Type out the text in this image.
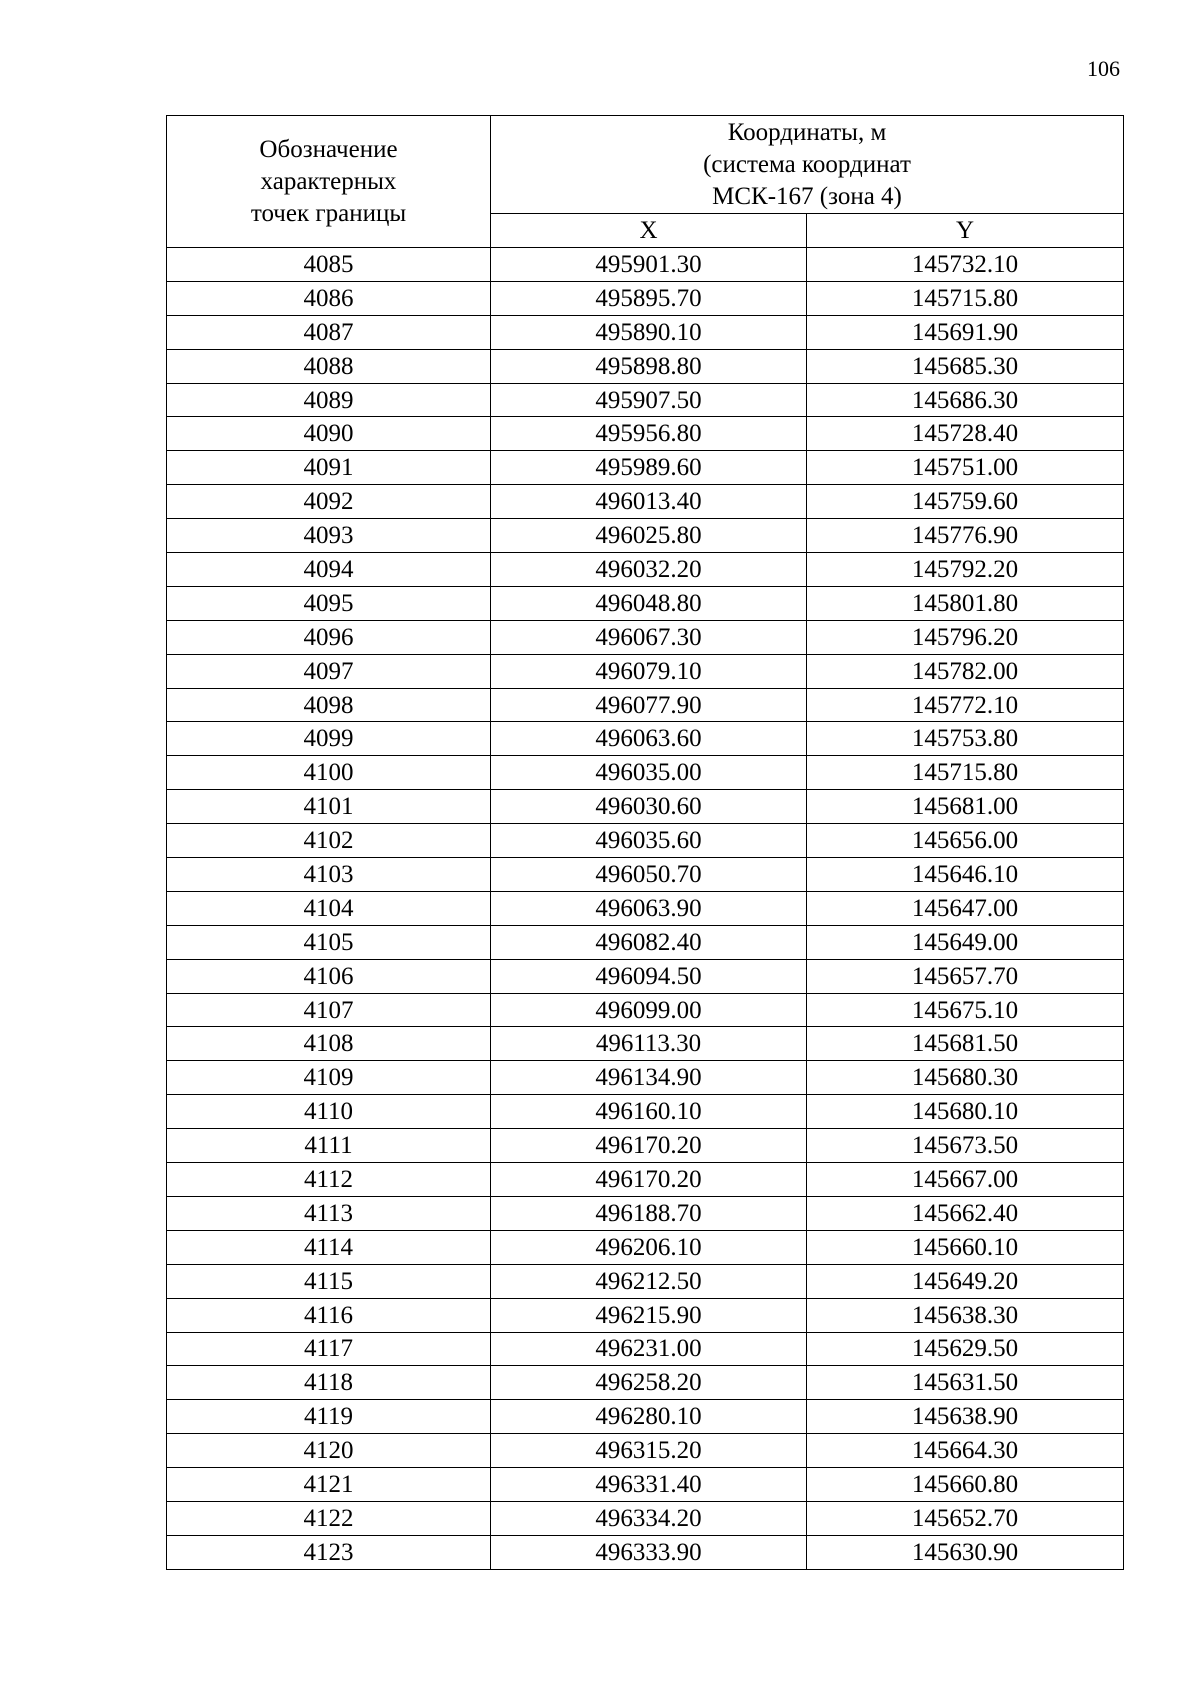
106
Обозначение
характерных
точек границы	Координаты, м
(система координат
МСК-167 (зона 4)	

	X	Y
4085	495901.30	145732.10
4086	495895.70	145715.80
4087	495890.10	145691.90
4088	495898.80	145685.30
4089	495907.50	145686.30
4090	495956.80	145728.40
4091	495989.60	145751.00
4092	496013.40	145759.60
4093	496025.80	145776.90
4094	496032.20	145792.20
4095	496048.80	145801.80
4096	496067.30	145796.20
4097	496079.10	145782.00
4098	496077.90	145772.10
4099	496063.60	145753.80
4100	496035.00	145715.80
4101	496030.60	145681.00
4102	496035.60	145656.00
4103	496050.70	145646.10
4104	496063.90	145647.00
4105	496082.40	145649.00
4106	496094.50	145657.70
4107	496099.00	145675.10
4108	496113.30	145681.50
4109	496134.90	145680.30
4110	496160.10	145680.10
4111	496170.20	145673.50
4112	496170.20	145667.00
4113	496188.70	145662.40
4114	496206.10	145660.10
4115	496212.50	145649.20
4116	496215.90	145638.30
4117	496231.00	145629.50
4118	496258.20	145631.50
4119	496280.10	145638.90
4120	496315.20	145664.30
4121	496331.40	145660.80
4122	496334.20	145652.70
4123	496333.90	145630.90
